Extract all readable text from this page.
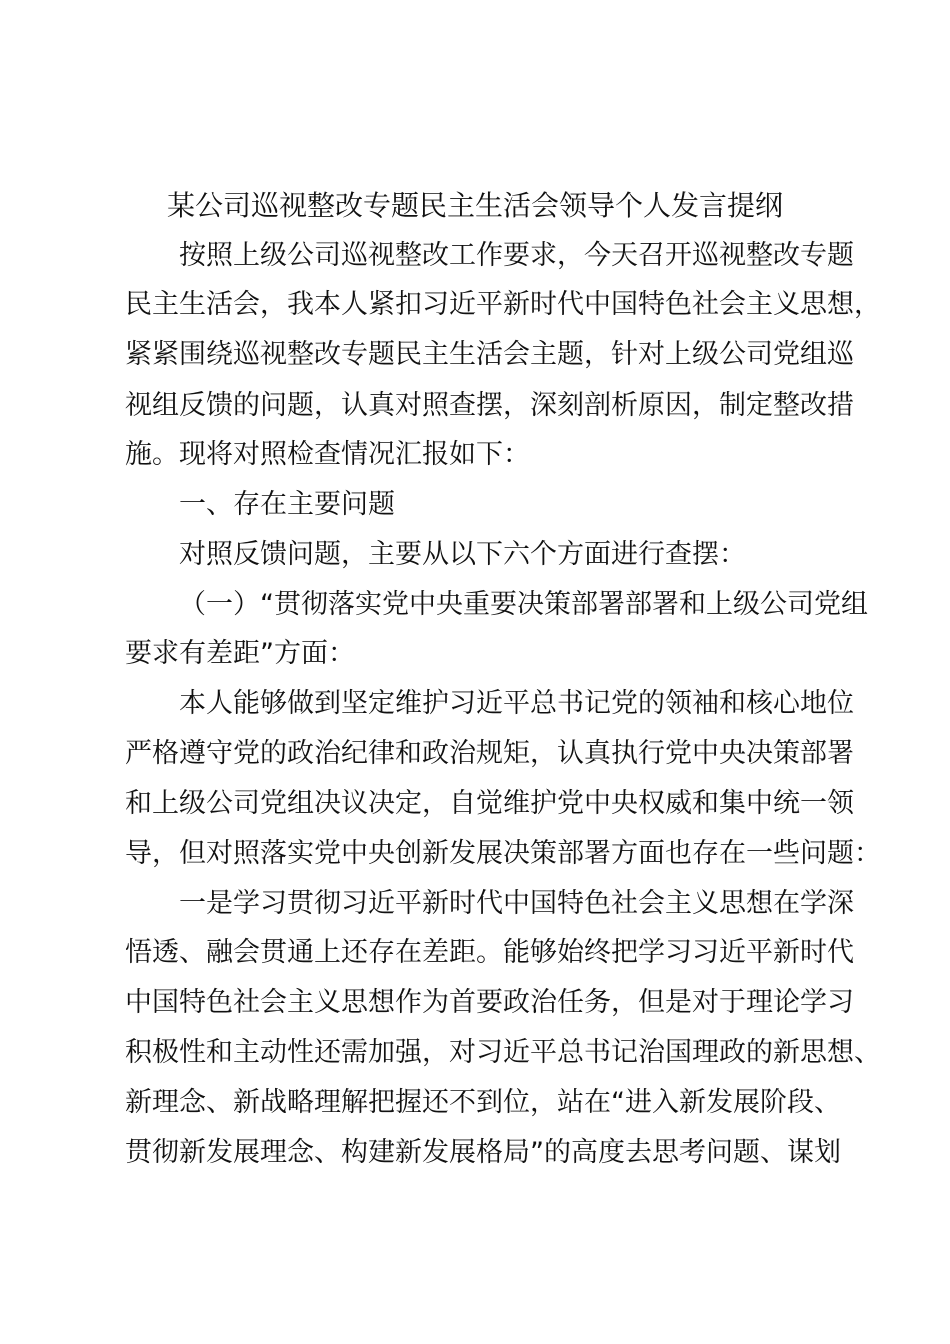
某公司巡视整改专题民主生活会领导个人发言提纲

按照上级公司巡视整改工作要求，今天召开巡视整改专题

民主生活会，我本人紧扣习近平新时代中国特色社会主义思想，

紧紧围绕巡视整改专题民主生活会主题，针对上级公司党组巡

视组反馈的问题，认真对照查摆，深刻剖析原因，制定整改措

施。现将对照检查情况汇报如下：

一、存在主要问题

对照反馈问题，主要从以下六个方面进行查摆：

（一）“贯彻落实党中央重要决策部署部署和上级公司党组

要求有差距”方面：

本人能够做到坚定维护习近平总书记党的领袖和核心地位

严格遵守党的政治纪律和政治规矩，认真执行党中央决策部署

和上级公司党组决议决定，自觉维护党中央权威和集中统一领

导，但对照落实党中央创新发展决策部署方面也存在一些问题：

一是学习贯彻习近平新时代中国特色社会主义思想在学深

悟透、融会贯通上还存在差距。能够始终把学习习近平新时代

中国特色社会主义思想作为首要政治任务，但是对于理论学习

积极性和主动性还需加强，对习近平总书记治国理政的新思想、

新理念、新战略理解把握还不到位，站在“进入新发展阶段、

贯彻新发展理念、构建新发展格局”的高度去思考问题、谋划
